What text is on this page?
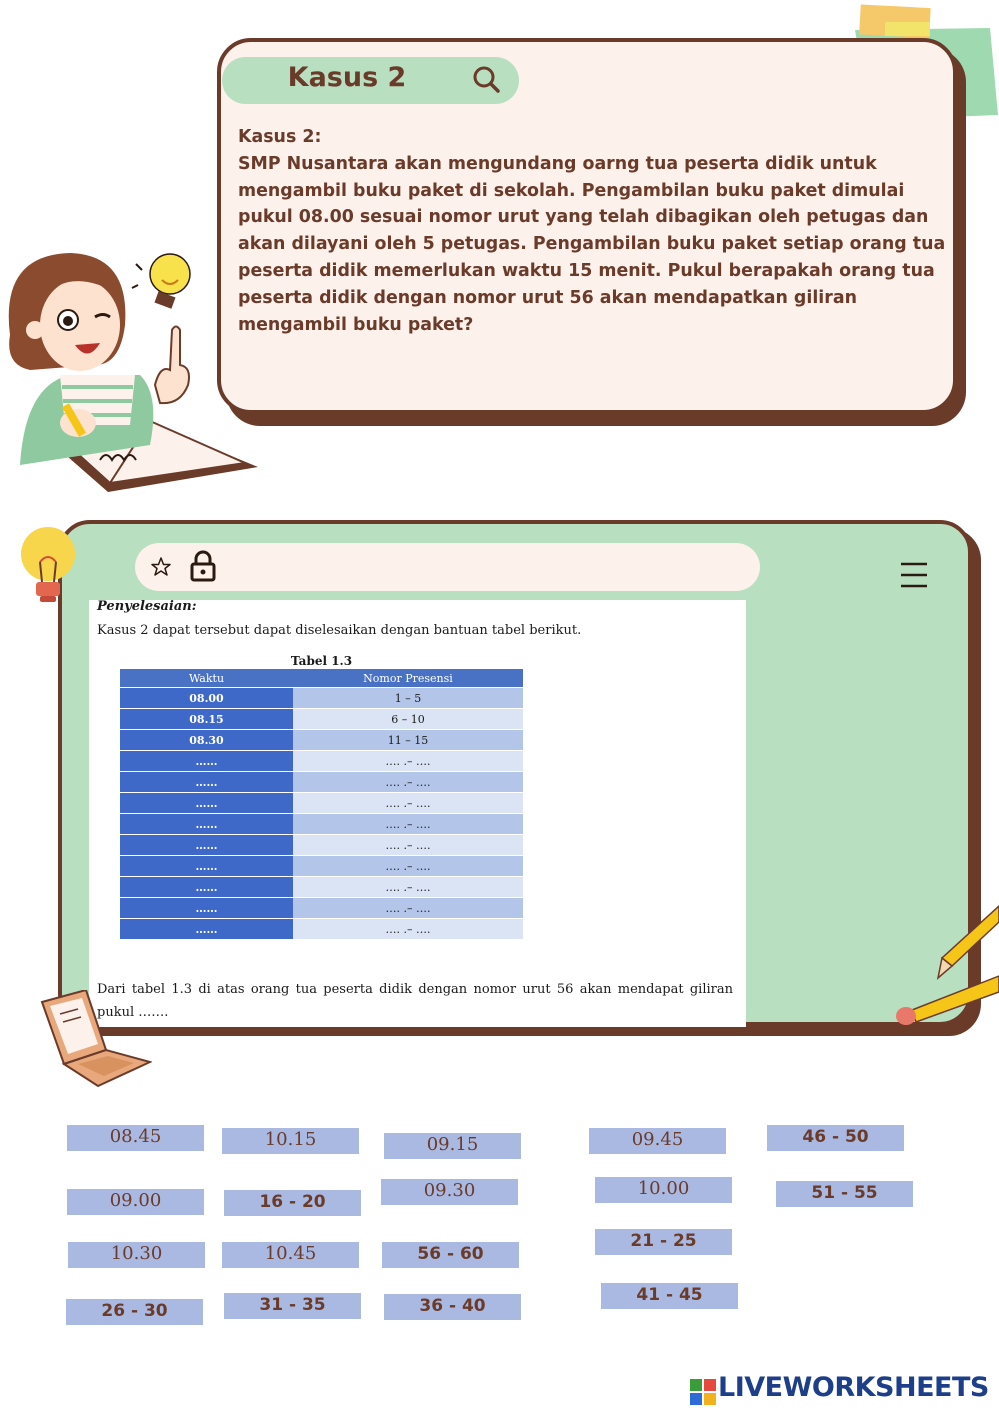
Kasus 2
Kasus 2:
SMP Nusantara akan mengundang oarng tua peserta didik untuk mengambil buku paket di sekolah. Pengambilan buku paket dimulai pukul 08.00 sesuai nomor urut yang telah dibagikan oleh petugas dan akan dilayani oleh 5 petugas. Pengambilan buku paket setiap orang tua peserta didik memerlukan waktu 15 menit. Pukul berapakah orang tua peserta didik dengan nomor urut 56 akan mendapatkan giliran mengambil buku paket?
Penyelesaian:
Kasus 2 dapat tersebut dapat diselesaikan dengan bantuan tabel berikut.
Tabel 1.3
Waktu	Nomor Presensi
08.00	1 – 5
08.15	6 – 10
08.30	11 – 15
……	…. .– ….
……	…. .– ….
……	…. .– ….
……	…. .– ….
……	…. .– ….
……	…. .– ….
……	…. .– ….
……	…. .– ….
……	…. .– ….
Dari tabel 1.3 di atas orang tua peserta didik dengan nomor urut 56 akan mendapat giliran pukul …….
08.45	10.15	09.15	09.45	46 - 50
09.00	16 - 20
09.30	10.00	51 - 55
10.30	10.45	56 - 60
21 - 25
26 - 30	31 - 35	36 - 40
41 - 45
LIVEWORKSHEETS
